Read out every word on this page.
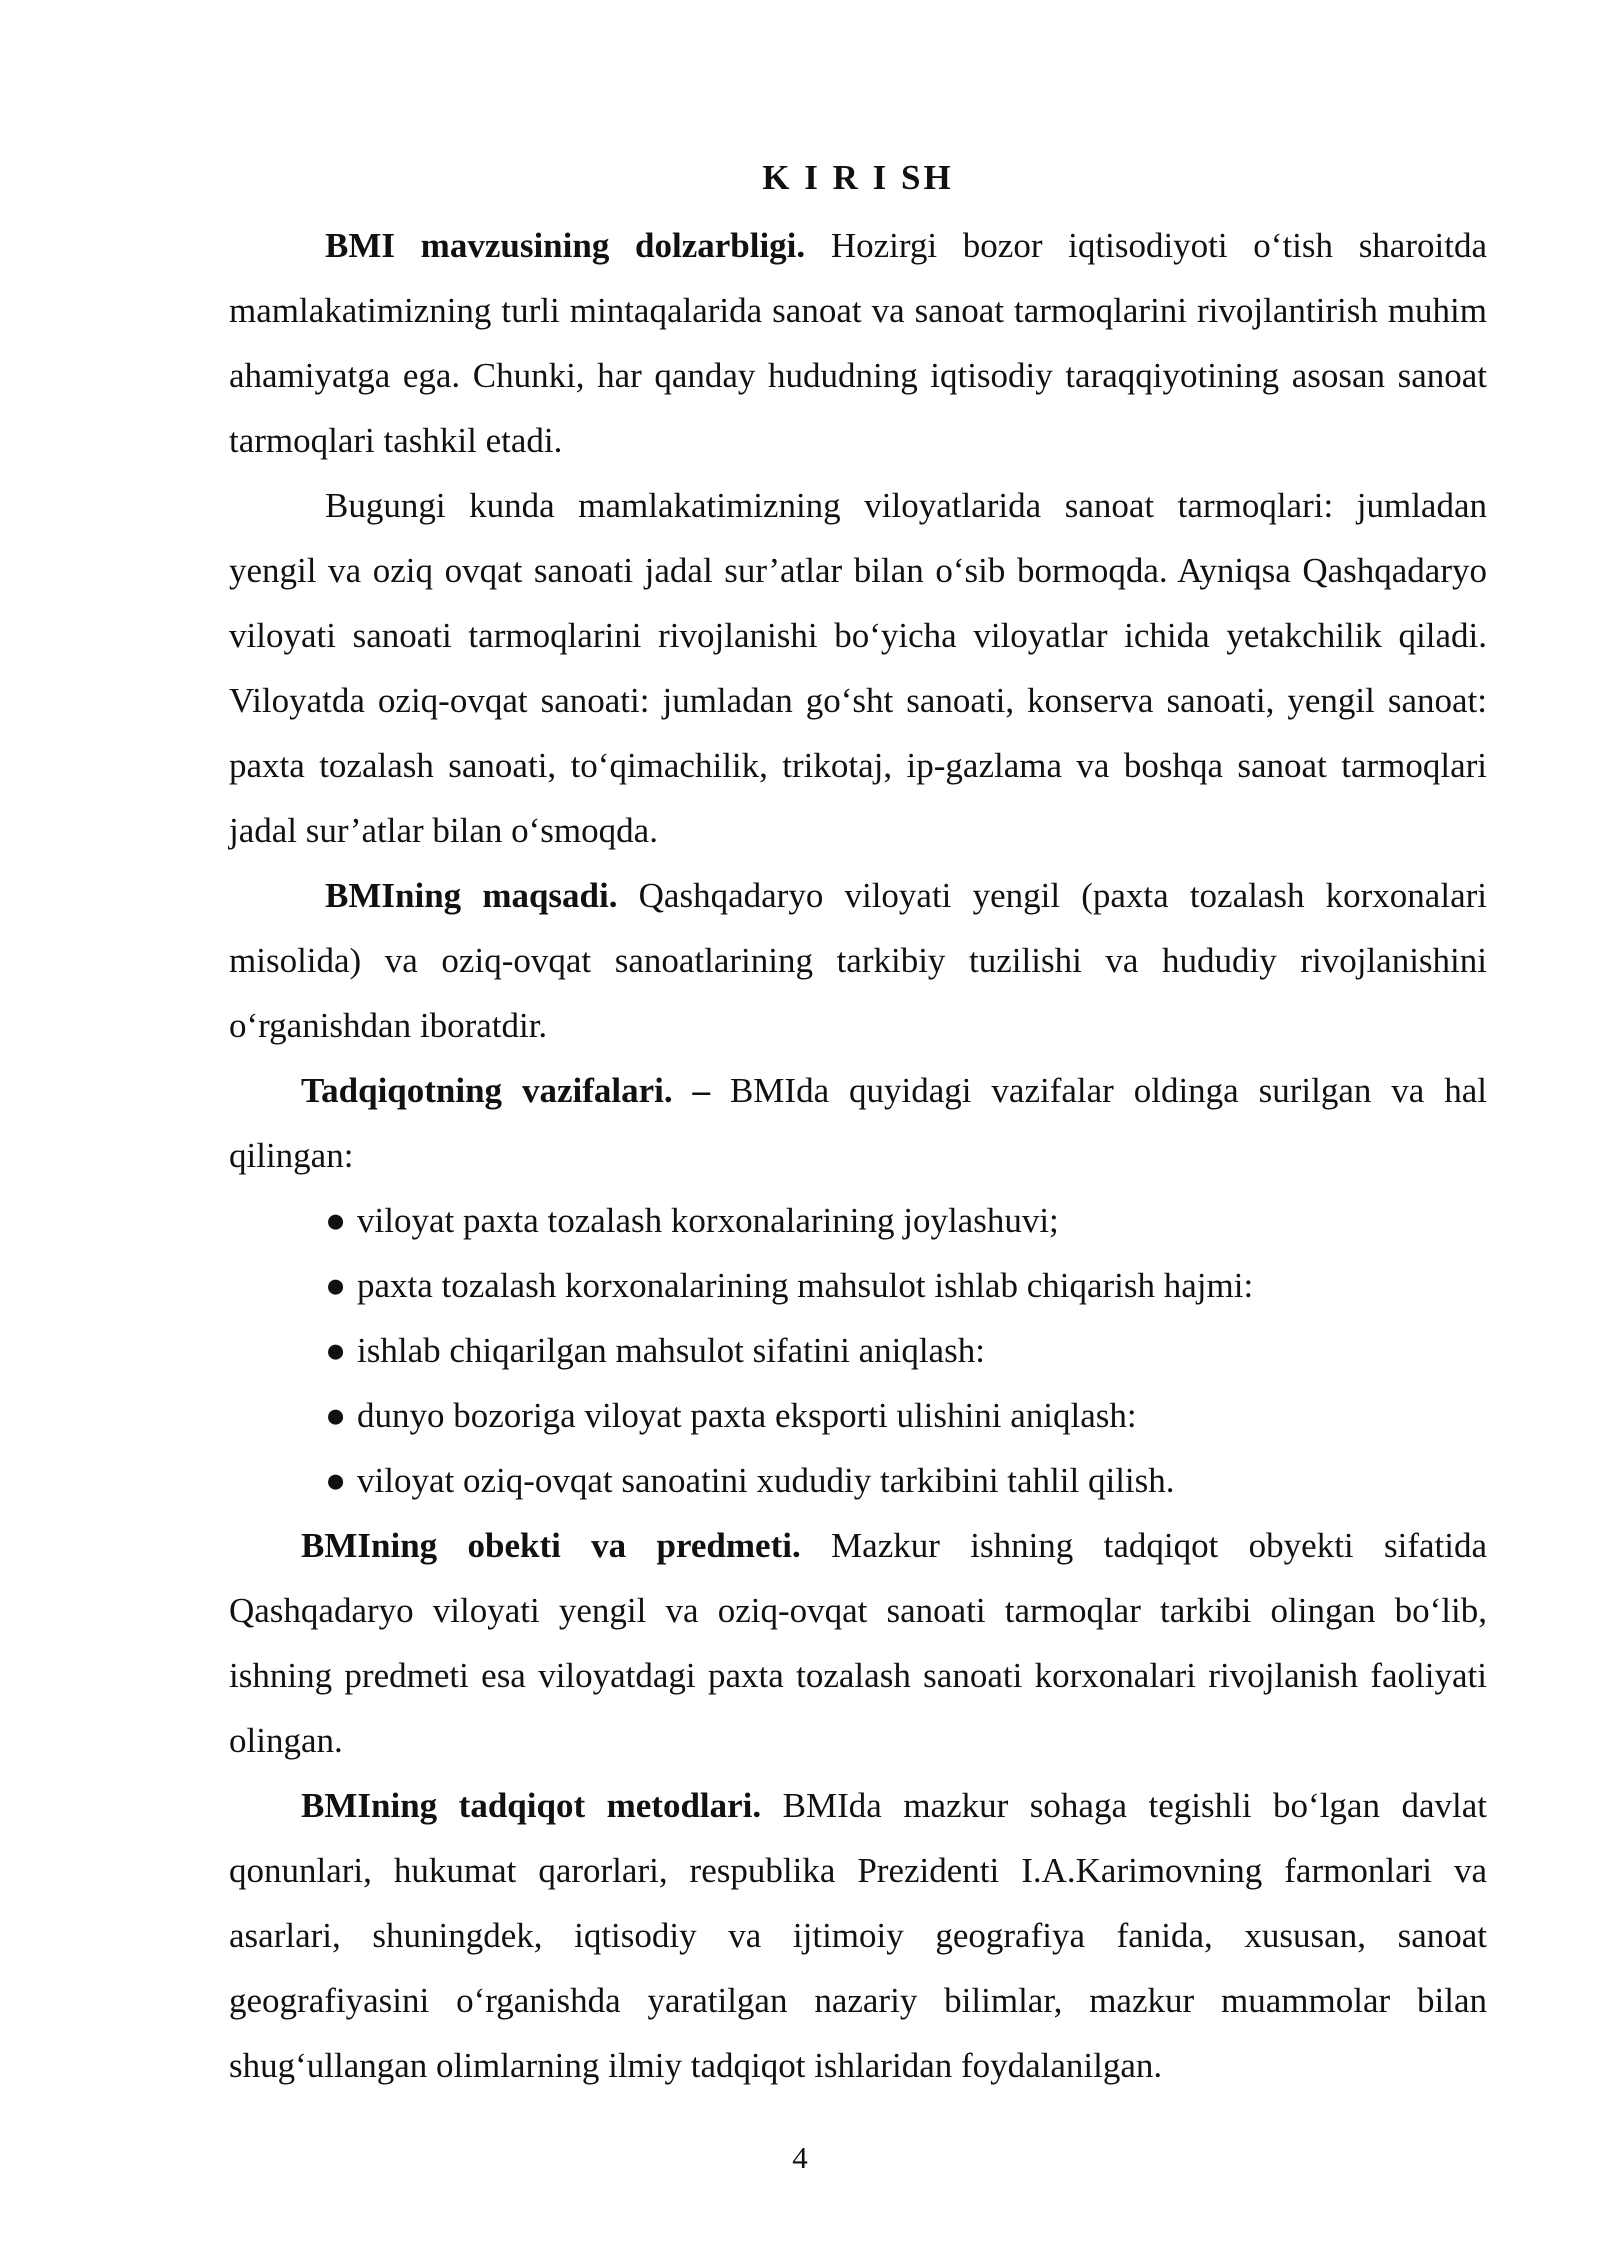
K I R I SH

BMI mavzusining dolzarbligi. Hozirgi bozor iqtisodiyoti o‘tish sharoitda mamlakatimizning turli mintaqalarida sanoat va sanoat tarmoqlarini rivojlantirish muhim ahamiyatga ega. Chunki, har qanday hududning iqtisodiy taraqqiyotining asosan sanoat tarmoqlari tashkil etadi.

Bugungi kunda mamlakatimizning viloyatlarida sanoat tarmoqlari: jumladan yengil va oziq ovqat sanoati jadal sur’atlar bilan o‘sib bormoqda. Ayniqsa Qashqadaryo viloyati sanoati tarmoqlarini rivojlanishi bo‘yicha viloyatlar ichida yetakchilik qiladi. Viloyatda oziq-ovqat sanoati: jumladan go‘sht sanoati, konserva sanoati, yengil sanoat: paxta tozalash sanoati, to‘qimachilik, trikotaj, ip-gazlama va boshqa sanoat tarmoqlari jadal sur’atlar bilan o‘smoqda.

BMIning maqsadi. Qashqadaryo viloyati yengil (paxta tozalash korxonalari misolida) va oziq-ovqat sanoatlarining tarkibiy tuzilishi va hududiy rivojlanishini o‘rganishdan iboratdir.

Tadqiqotning vazifalari. – BMIda quyidagi vazifalar oldinga surilgan va hal qilingan:

● viloyat paxta tozalash korxonalarining joylashuvi;
● paxta tozalash korxonalarining mahsulot ishlab chiqarish hajmi:
● ishlab chiqarilgan mahsulot sifatini aniqlash:
● dunyo bozoriga viloyat paxta eksporti ulishini aniqlash:
● viloyat oziq-ovqat sanoatini xududiy tarkibini tahlil qilish.

BMIning obekti va predmeti. Mazkur ishning tadqiqot obyekti sifatida Qashqadaryo viloyati yengil va oziq-ovqat sanoati tarmoqlar tarkibi olingan bo‘lib, ishning predmeti esa viloyatdagi paxta tozalash sanoati korxonalari rivojlanish faoliyati olingan.

BMIning tadqiqot metodlari. BMIda mazkur sohaga tegishli bo‘lgan davlat qonunlari, hukumat qarorlari, respublika Prezidenti I.A.Karimovning farmonlari va asarlari, shuningdek, iqtisodiy va ijtimoiy geografiya fanida, xususan, sanoat geografiyasini o‘rganishda yaratilgan nazariy bilimlar, mazkur muammolar bilan shug‘ullangan olimlarning ilmiy tadqiqot ishlaridan foydalanilgan.

4
